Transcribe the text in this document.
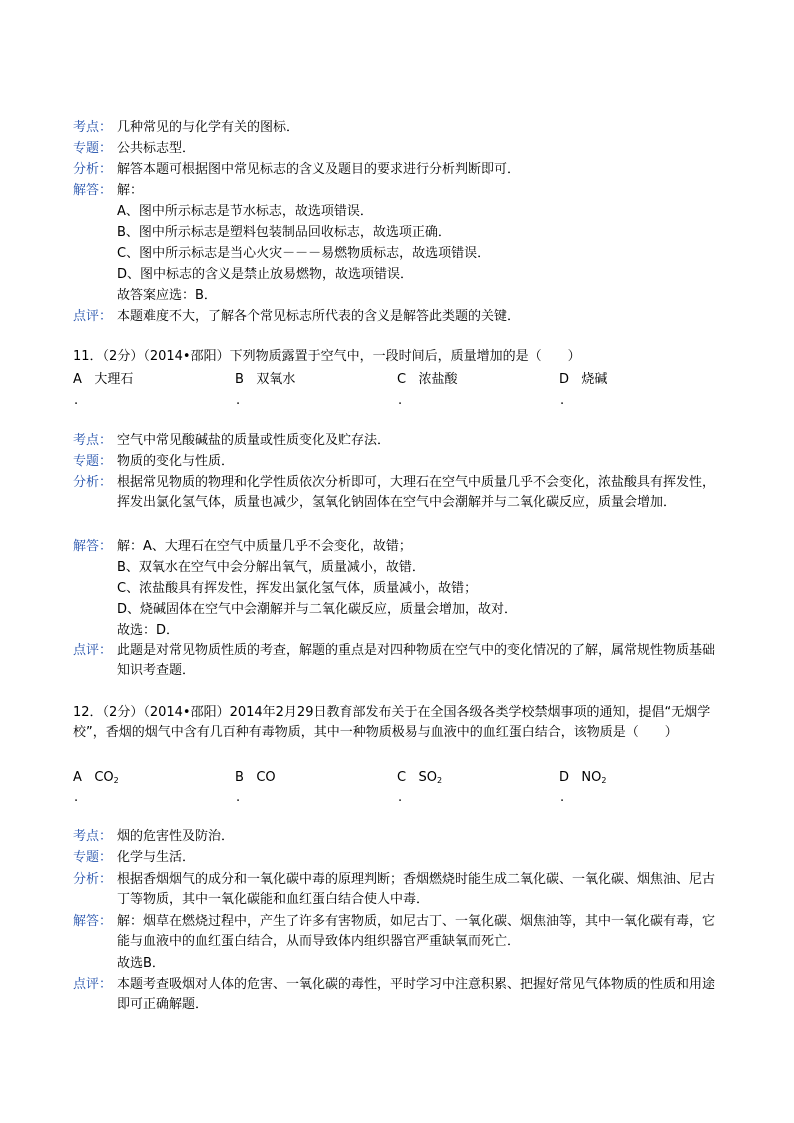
考点： 几种常见的与化学有关的图标．
专题： 公共标志型．
分析： 解答本题可根据图中常见标志的含义及题目的要求进行分析判断即可．
解答： 解：
A、图中所示标志是节水标志，故选项错误．
B、图中所示标志是塑料包装制品回收标志，故选项正确．
C、图中所示标志是当心火灾－－－易燃物质标志，故选项错误．
D、图中标志的含义是禁止放易燃物，故选项错误．
故答案应选：B．
点评： 本题难度不大，了解各个常见标志所代表的含义是解答此类题的关键．
11．（2分）（2014•邵阳）下列物质露置于空气中，一段时间后，质量增加的是（　　）
A 大理石	B 双氧水	C 浓盐酸	D 烧碱
.	.	.	.
考点： 空气中常见酸碱盐的质量或性质变化及贮存法．
专题： 物质的变化与性质．
分析： 根据常见物质的物理和化学性质依次分析即可，大理石在空气中质量几乎不会变化，浓盐酸具有挥发性，挥发出氯化氢气体，质量也减少，氢氧化钠固体在空气中会潮解并与二氧化碳反应，质量会增加．
解答： 解：A、大理石在空气中质量几乎不会变化，故错；
B、双氧水在空气中会分解出氧气，质量减小，故错．
C、浓盐酸具有挥发性，挥发出氯化氢气体，质量减小，故错；
D、烧碱固体在空气中会潮解并与二氧化碳反应，质量会增加，故对．
故选：D．
点评： 此题是对常见物质性质的考查，解题的重点是对四种物质在空气中的变化情况的了解，属常规性物质基础知识考查题．
12．（2分）（2014•邵阳）2014年2月29日教育部发布关于在全国各级各类学校禁烟事项的通知，提倡“无烟学校”，香烟的烟气中含有几百种有毒物质，其中一种物质极易与血液中的血红蛋白结合，该物质是（　　）
A $CO_2$	B CO	C $SO_2$	D $NO_2$
.	.	.	.
考点： 烟的危害性及防治．
专题： 化学与生活．
分析： 根据香烟烟气的成分和一氧化碳中毒的原理判断；香烟燃烧时能生成二氧化碳、一氧化碳、烟焦油、尼古丁等物质，其中一氧化碳能和血红蛋白结合使人中毒．
解答： 解：烟草在燃烧过程中，产生了许多有害物质，如尼古丁、一氧化碳、烟焦油等，其中一氧化碳有毒，它能与血液中的血红蛋白结合，从而导致体内组织器官严重缺氧而死亡．
故选B．
点评： 本题考查吸烟对人体的危害、一氧化碳的毒性，平时学习中注意积累、把握好常见气体物质的性质和用途即可正确解题．
